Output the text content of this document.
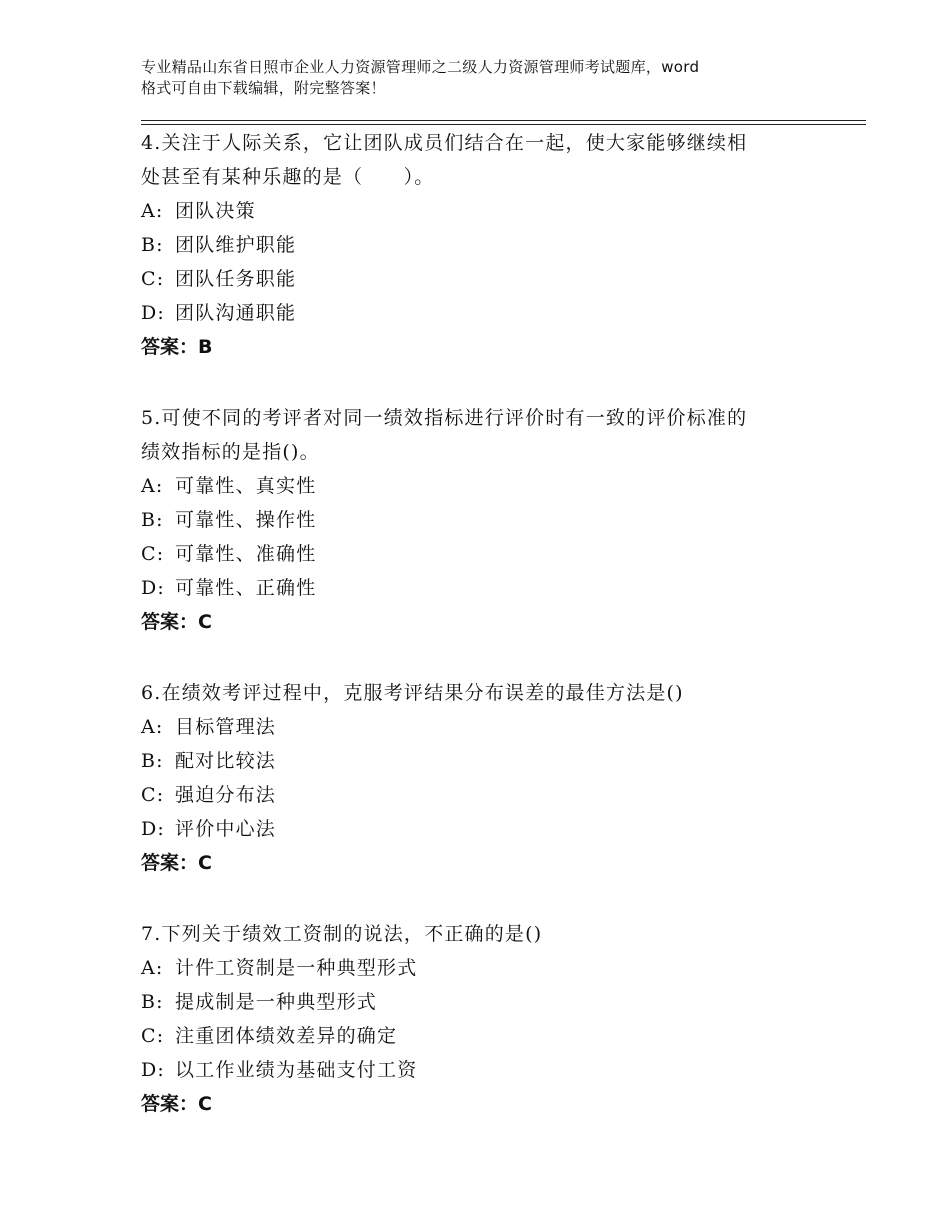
专业精品山东省日照市企业人力资源管理师之二级人力资源管理师考试题库，word
格式可自由下载编辑，附完整答案！
4.关注于人际关系，它让团队成员们结合在一起，使大家能够继续相
处甚至有某种乐趣的是（　　）。
A: 团队决策
B: 团队维护职能
C: 团队任务职能
D: 团队沟通职能
答案：B
5.可使不同的考评者对同一绩效指标进行评价时有一致的评价标准的
绩效指标的是指()。
A: 可靠性、真实性
B: 可靠性、操作性
C: 可靠性、准确性
D: 可靠性、正确性
答案：C
6.在绩效考评过程中，克服考评结果分布误差的最佳方法是()
A: 目标管理法
B: 配对比较法
C: 强迫分布法
D: 评价中心法
答案：C
7.下列关于绩效工资制的说法，不正确的是()
A: 计件工资制是一种典型形式
B: 提成制是一种典型形式
C: 注重团体绩效差异的确定
D: 以工作业绩为基础支付工资
答案：C
